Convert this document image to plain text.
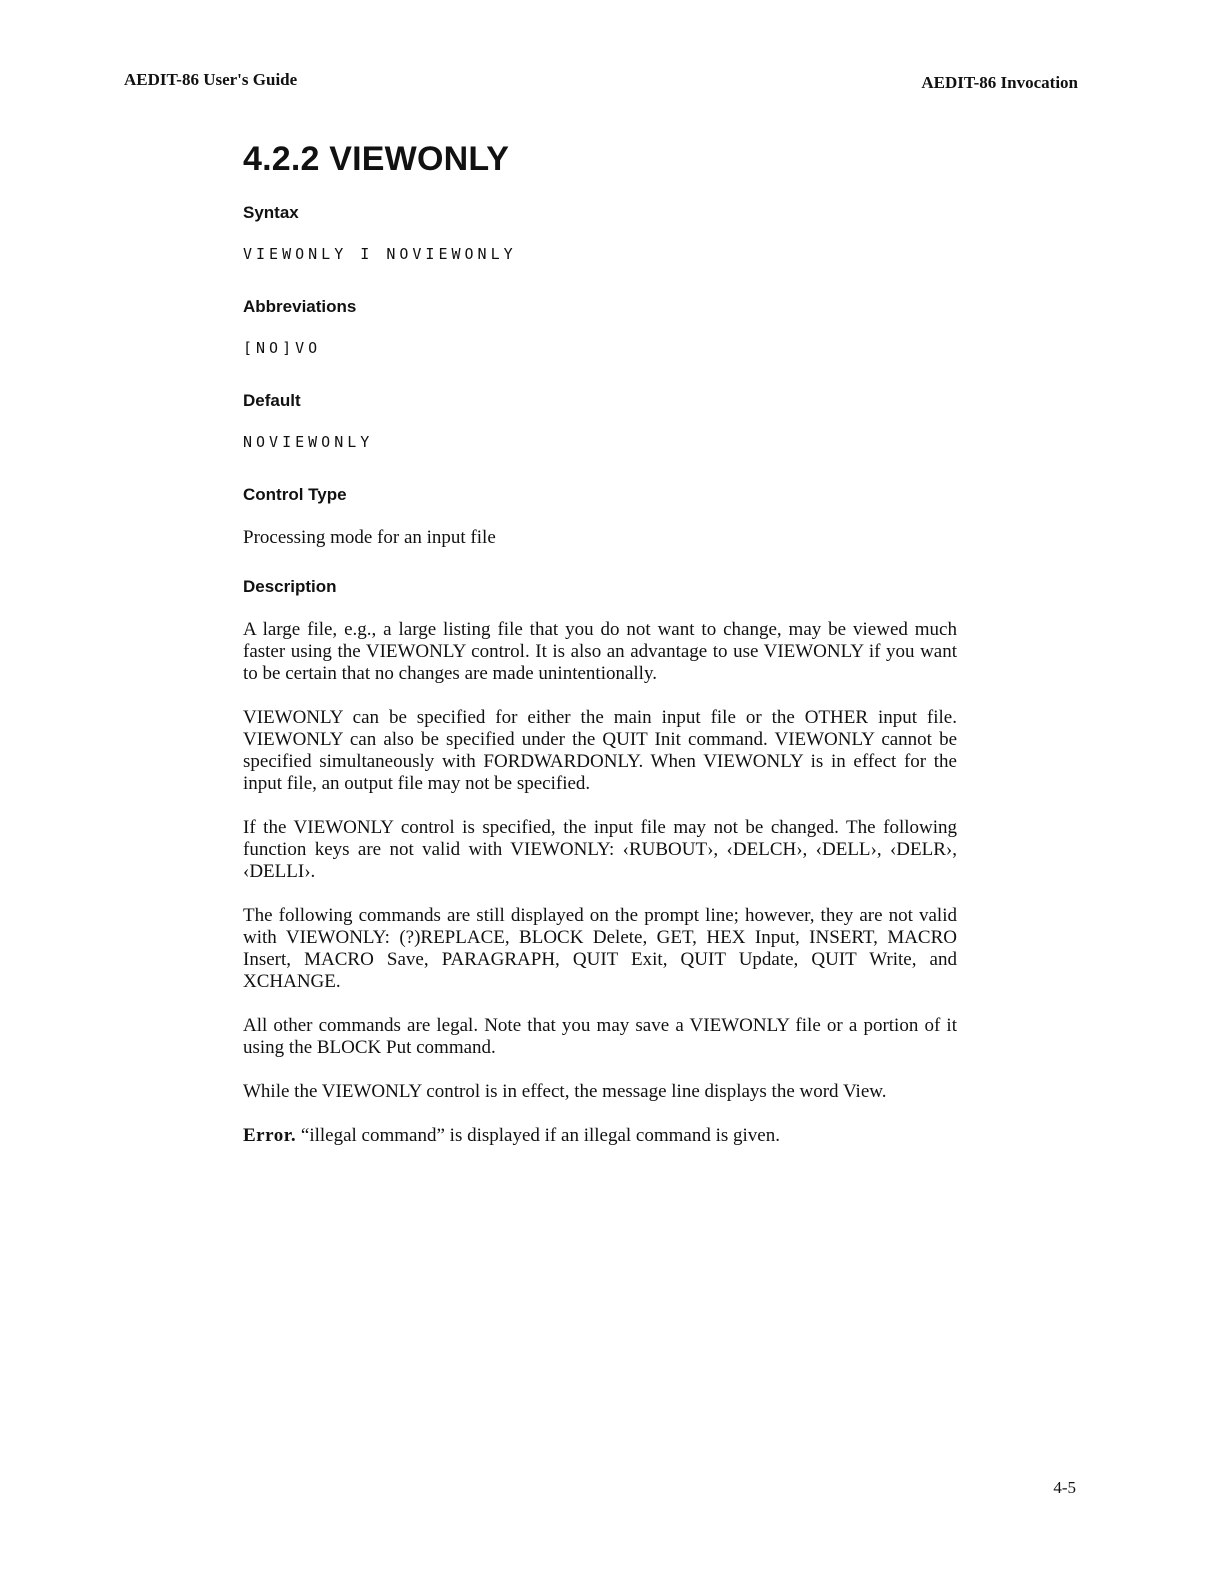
AEDIT-86 User's Guide	AEDIT-86 Invocation
4.2.2 VIEWONLY
Syntax
VIEWONLY I NOVIEWONLY
Abbreviations
[NO]VO
Default
NOVIEWONLY
Control Type

Processing mode for an input file

Description

A large file, e.g., a large listing file that you do not want to change, may be viewed much faster using the VIEWONLY control. It is also an advantage to use VIEWONLY if you want to be certain that no changes are made unintentionally.

VIEWONLY can be specified for either the main input file or the OTHER input file. VIEWONLY can also be specified under the QUIT Init command. VIEWONLY cannot be specified simultaneously with FORDWARDONLY. When VIEWONLY is in effect for the input file, an output file may not be specified.

If the VIEWONLY control is specified, the input file may not be changed. The following function keys are not valid with VIEWONLY: ‹RUBOUT›, ‹DELCH›, ‹DELL›, ‹DELR›, ‹DELLI›.

The following commands are still displayed on the prompt line; however, they are not valid with VIEWONLY: (?)REPLACE, BLOCK Delete, GET, HEX Input, INSERT, MACRO Insert, MACRO Save, PARAGRAPH, QUIT Exit, QUIT Update, QUIT Write, and XCHANGE.

All other commands are legal. Note that you may save a VIEWONLY file or a portion of it using the BLOCK Put command.

While the VIEWONLY control is in effect, the message line displays the word View.

Error. “illegal command” is displayed if an illegal command is given.

4-5
